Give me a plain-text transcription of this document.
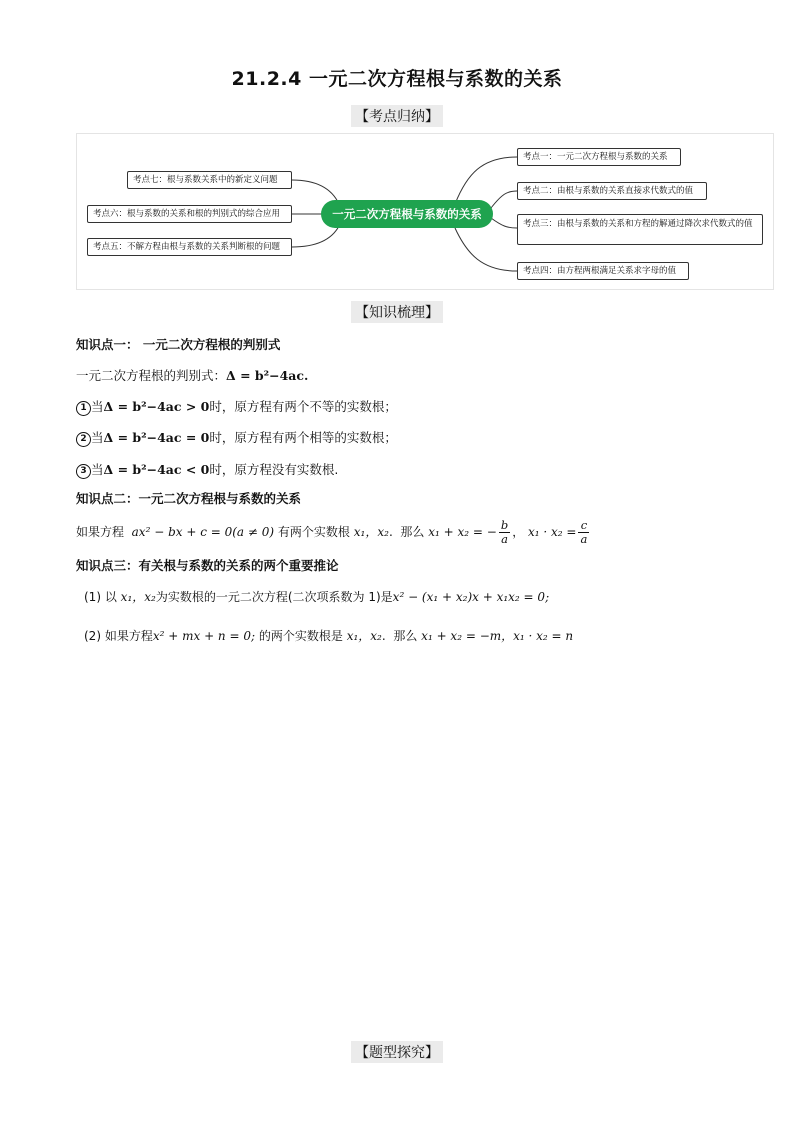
21.2.4 一元二次方程根与系数的关系
【考点归纳】
考点一：一元二次方程根与系数的关系
考点二：由根与系数的关系直接求代数式的值
考点三：由根与系数的关系和方程的解通过降次求代数式的值
考点四：由方程两根满足关系求字母的值
考点七：根与系数关系中的新定义问题
考点六：根与系数的关系和根的判别式的综合应用
考点五：不解方程由根与系数的关系判断根的问题
一元二次方程根与系数的关系
【知识梳理】
知识点一： 一元二次方程根的判别式
一元二次方程根的判别式：Δ = b²−4ac.
1 当Δ = b²−4ac > 0时，原方程有两个不等的实数根；
2 当Δ = b²−4ac = 0时，原方程有两个相等的实数根；
3 当Δ = b²−4ac < 0时，原方程没有实数根.
知识点二：一元二次方程根与系数的关系
如果方程 ax² − bx + c = 0(a ≠ 0) 有两个实数根 x₁，x₂.  那么 x₁ + x₂ = − $\frac{b}{a}$ ， $x_1 \cdot x_2 = \frac{c}{a}$
知识点三：有关根与系数的关系的两个重要推论
(1) 以 x₁，x₂为实数根的一元二次方程(二次项系数为 1)是x² − (x₁ + x₂)x + x₁x₂ = 0;
(2) 如果方程x² + mx + n = 0; 的两个实数根是 x₁，x₂.  那么 x₁ + x₂ = −m，x₁ · x₂ = n
【题型探究】
